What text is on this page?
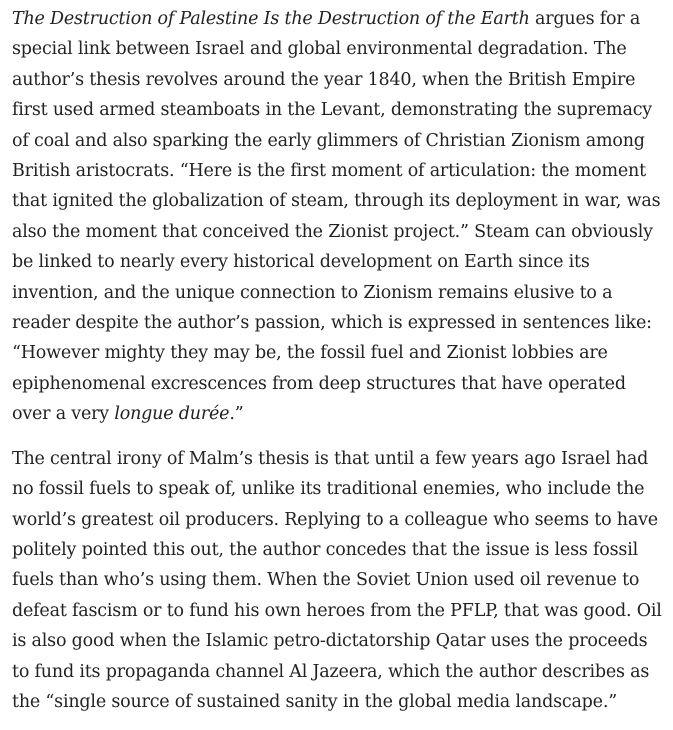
The Destruction of Palestine Is the Destruction of the Earth argues for a special link between Israel and global environmental degradation. The author’s thesis revolves around the year 1840, when the British Empire first used armed steamboats in the Levant, demonstrating the supremacy of coal and also sparking the early glimmers of Christian Zionism among British aristocrats. “Here is the first moment of articulation: the moment that ignited the globalization of steam, through its deployment in war, was also the moment that conceived the Zionist project.” Steam can obviously be linked to nearly every historical development on Earth since its invention, and the unique connection to Zionism remains elusive to a reader despite the author’s passion, which is expressed in sentences like: “However mighty they may be, the fossil fuel and Zionist lobbies are epiphenomenal excrescences from deep structures that have operated over a very longue durée.”

The central irony of Malm’s thesis is that until a few years ago Israel had no fossil fuels to speak of, unlike its traditional enemies, who include the world’s greatest oil producers. Replying to a colleague who seems to have politely pointed this out, the author concedes that the issue is less fossil fuels than who’s using them. When the Soviet Union used oil revenue to defeat fascism or to fund his own heroes from the PFLP, that was good. Oil is also good when the Islamic petro-dictatorship Qatar uses the proceeds to fund its propaganda channel Al Jazeera, which the author describes as the “single source of sustained sanity in the global media landscape.”
